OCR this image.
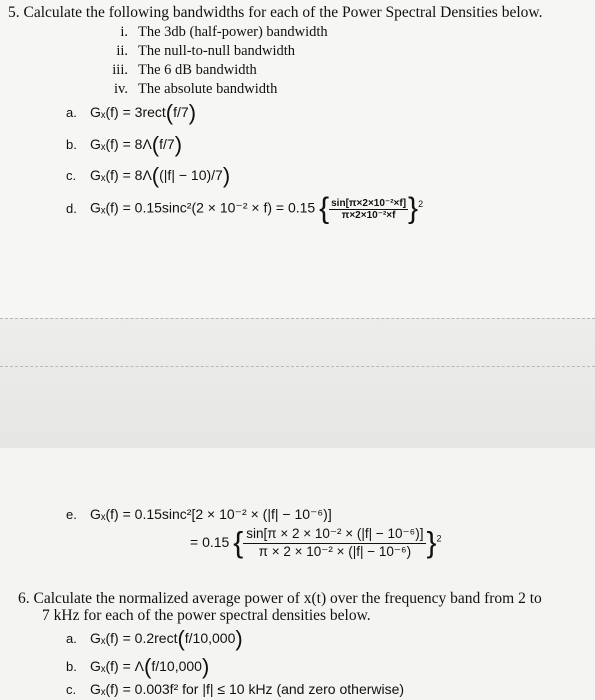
5. Calculate the following bandwidths for each of the Power Spectral Densities below.
i. The 3db (half-power) bandwidth
ii. The null-to-null bandwidth
iii. The 6 dB bandwidth
iv. The absolute bandwidth
a. Gₓ(f) = 3rect(f/7)
b. Gₓ(f) = 8Λ(f/7)
c. Gₓ(f) = 8Λ((|f| − 10)/7)
d. Gₓ(f) = 0.15sinc²(2 × 10⁻² × f) = 0.15 { $\frac{\text{sin[π×2×10⁻²×f]}}{\text{π×2×10⁻²×f}} \}^2$
e. Gₓ(f) = 0.15sinc²[2 × 10⁻² × (|f| − 10⁻⁶)]
= 0.15 { $\frac{\text{sin[π × 2 × 10⁻² × (|f| − 10⁻⁶)]}}{\text{π × 2 × 10⁻² × (|f| − 10⁻⁶)}} \}^2$
6. Calculate the normalized average power of x(t) over the frequency band from 2 to
7 kHz for each of the power spectral densities below.
a. Gₓ(f) = 0.2rect(f/10,000)
b. Gₓ(f) = Λ(f/10,000)
c. Gₓ(f) = 0.003f² for |f| ≤ 10 kHz (and zero otherwise)
